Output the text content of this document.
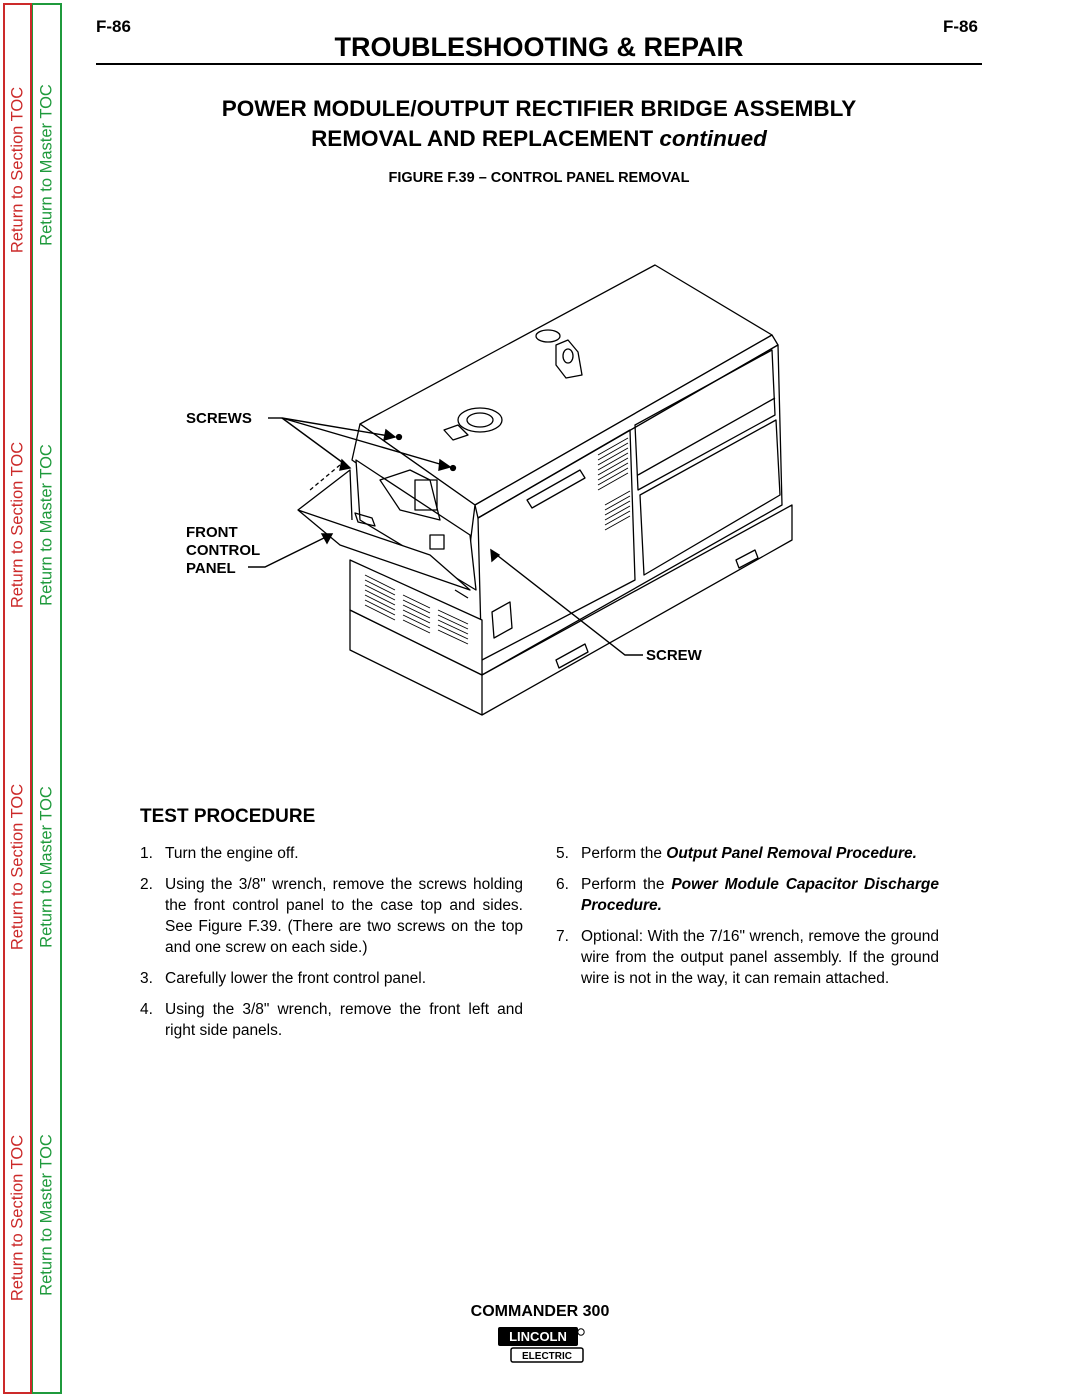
Return to Section TOC
Return to Section TOC
Return to Section TOC
Return to Section TOC
Return to Master TOC
Return to Master TOC
Return to Master TOC
Return to Master TOC
F-86	F-86
TROUBLESHOOTING & REPAIR
POWER MODULE/OUTPUT RECTIFIER BRIDGE ASSEMBLY
REMOVAL AND REPLACEMENT continued
FIGURE F.39 – CONTROL PANEL REMOVAL
SCREWS
FRONT
CONTROL
PANEL
SCREW
TEST PROCEDURE
1. Turn the engine off.
2. Using the 3/8" wrench, remove the screws holding the front control panel to the case top and sides. See Figure F.39. (There are two screws on the top and one screw on each side.)
3. Carefully lower the front control panel.
4. Using the 3/8" wrench, remove the front left and right side panels.
5. Perform the Output Panel Removal Procedure.
6. Perform the Power Module Capacitor Discharge Procedure.
7. Optional: With the 7/16" wrench, remove the ground wire from the output panel assembly. If the ground wire is not in the way, it can remain attached.
COMMANDER 300
LINCOLN
ELECTRIC
